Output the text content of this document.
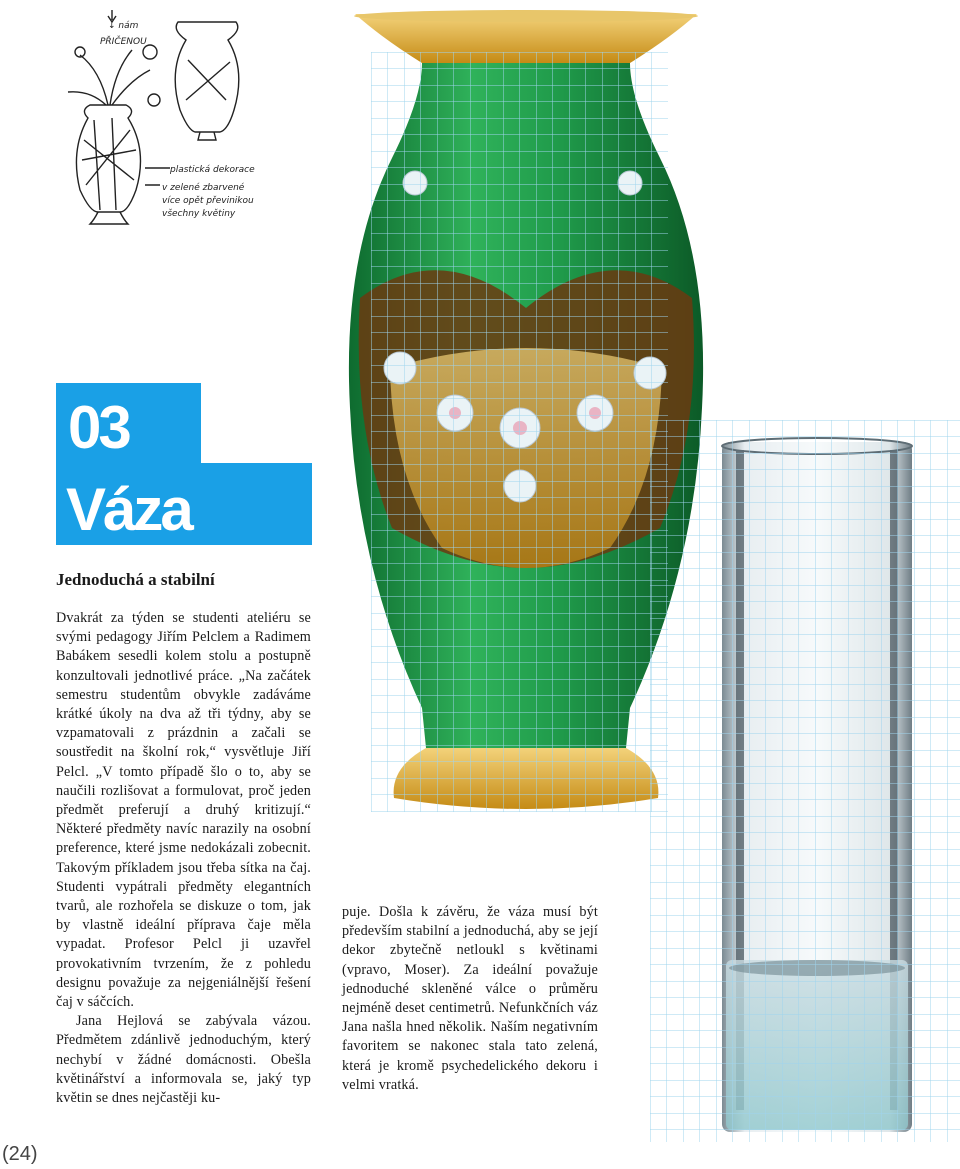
↓ nám
PŘIČENOU
plastická dekorace
v zelené zbarvené
více opět převinikou
všechny květiny
03
Váza
Jednoduchá a stabilní

Dvakrát za týden se studenti ateliéru se svými pedagogy Jiřím Pelclem a Radimem Babákem sesedli kolem stolu a postupně konzultovali jednotlivé práce. „Na začátek semestru studentům obvykle zadáváme krátké úkoly na dva až tři týdny, aby se vzpamatovali z prázdnin a začali se soustředit na školní rok,“ vysvětluje Jiří Pelcl. „V tomto případě šlo o to, aby se naučili rozlišovat a formulovat, proč jeden předmět preferují a druhý kritizují.“ Některé předměty navíc narazily na osobní preference, které jsme nedokázali zobecnit. Takovým příkladem jsou třeba sítka na čaj. Studenti vypátrali předměty elegantních tvarů, ale rozhořela se diskuze o tom, jak by vlastně ideální příprava čaje měla vypadat. Profesor Pelcl ji uzavřel provokativním tvrzením, že z pohledu designu považuje za nejgeniálnější řešení čaj v sáčcích.

Jana Hejlová se zabývala vázou. Předmětem zdánlivě jednoduchým, který nechybí v žádné domácnosti. Obešla květinářství a informovala se, jaký typ květin se dnes nejčastěji ku-

puje. Došla k závěru, že váza musí být především stabilní a jednoduchá, aby se její dekor zbytečně netloukl s květinami (vpravo, Moser). Za ideální považuje jednoduché skleněné válce o průměru nejméně deset centimetrů. Nefunkčních váz Jana našla hned několik. Naším negativním favoritem se nakonec stala tato zelená, která je kromě psychedelického dekoru i velmi vratká.

(24)
